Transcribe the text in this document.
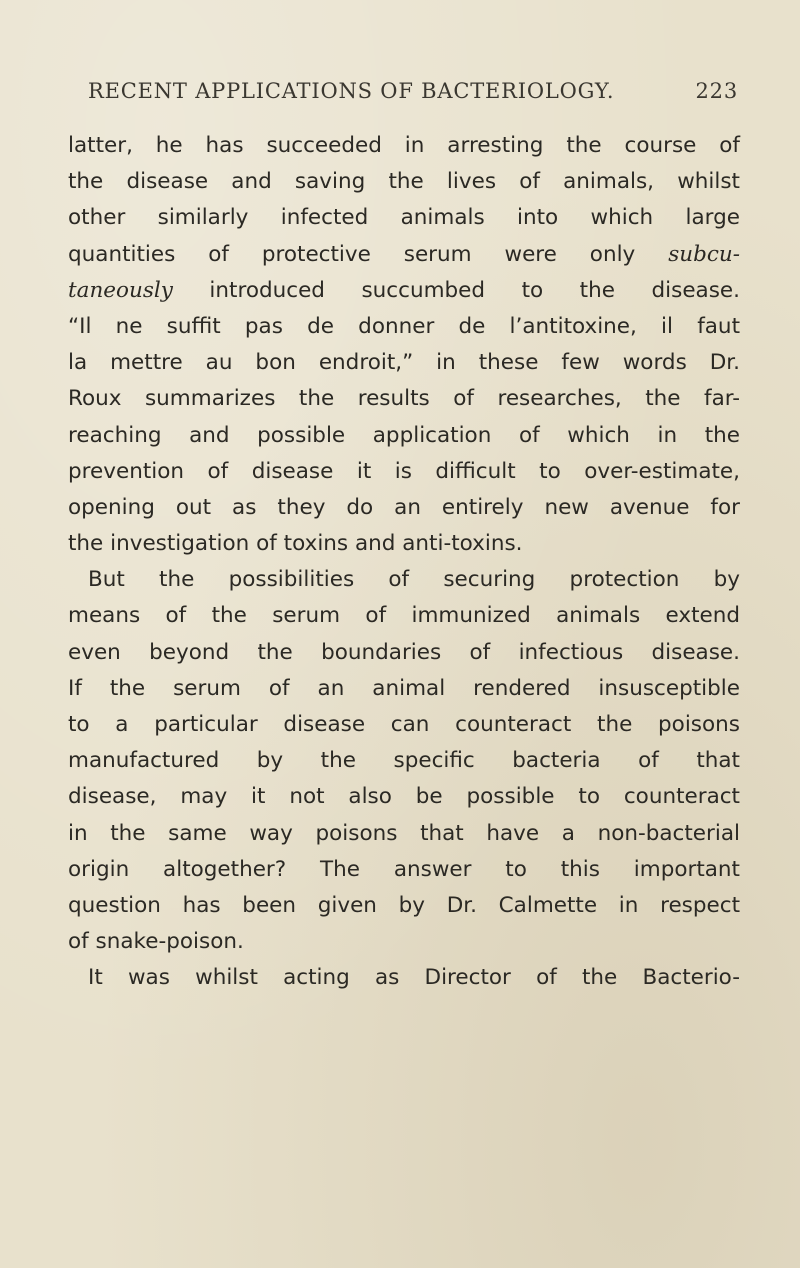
RECENT APPLICATIONS OF BACTERIOLOGY.	223
latter, he has succeeded in arresting the course of
the disease and saving the lives of animals, whilst
other similarly infected animals into which large
quantities of protective serum were only subcu-
taneously introduced succumbed to the disease.
“Il ne suffit pas de donner de l’antitoxine, il faut
la mettre au bon endroit,” in these few words Dr.
Roux summarizes the results of researches, the far-
reaching and possible application of which in the
prevention of disease it is difficult to over-estimate,
opening out as they do an entirely new avenue for
the investigation of toxins and anti-toxins.
But the possibilities of securing protection by
means of the serum of immunized animals extend
even beyond the boundaries of infectious disease.
If the serum of an animal rendered insusceptible
to a particular disease can counteract the poisons
manufactured by the specific bacteria of that
disease, may it not also be possible to counteract
in the same way poisons that have a non-bacterial
origin altogether? The answer to this important
question has been given by Dr. Calmette in respect
of snake-poison.
It was whilst acting as Director of the Bacterio-
